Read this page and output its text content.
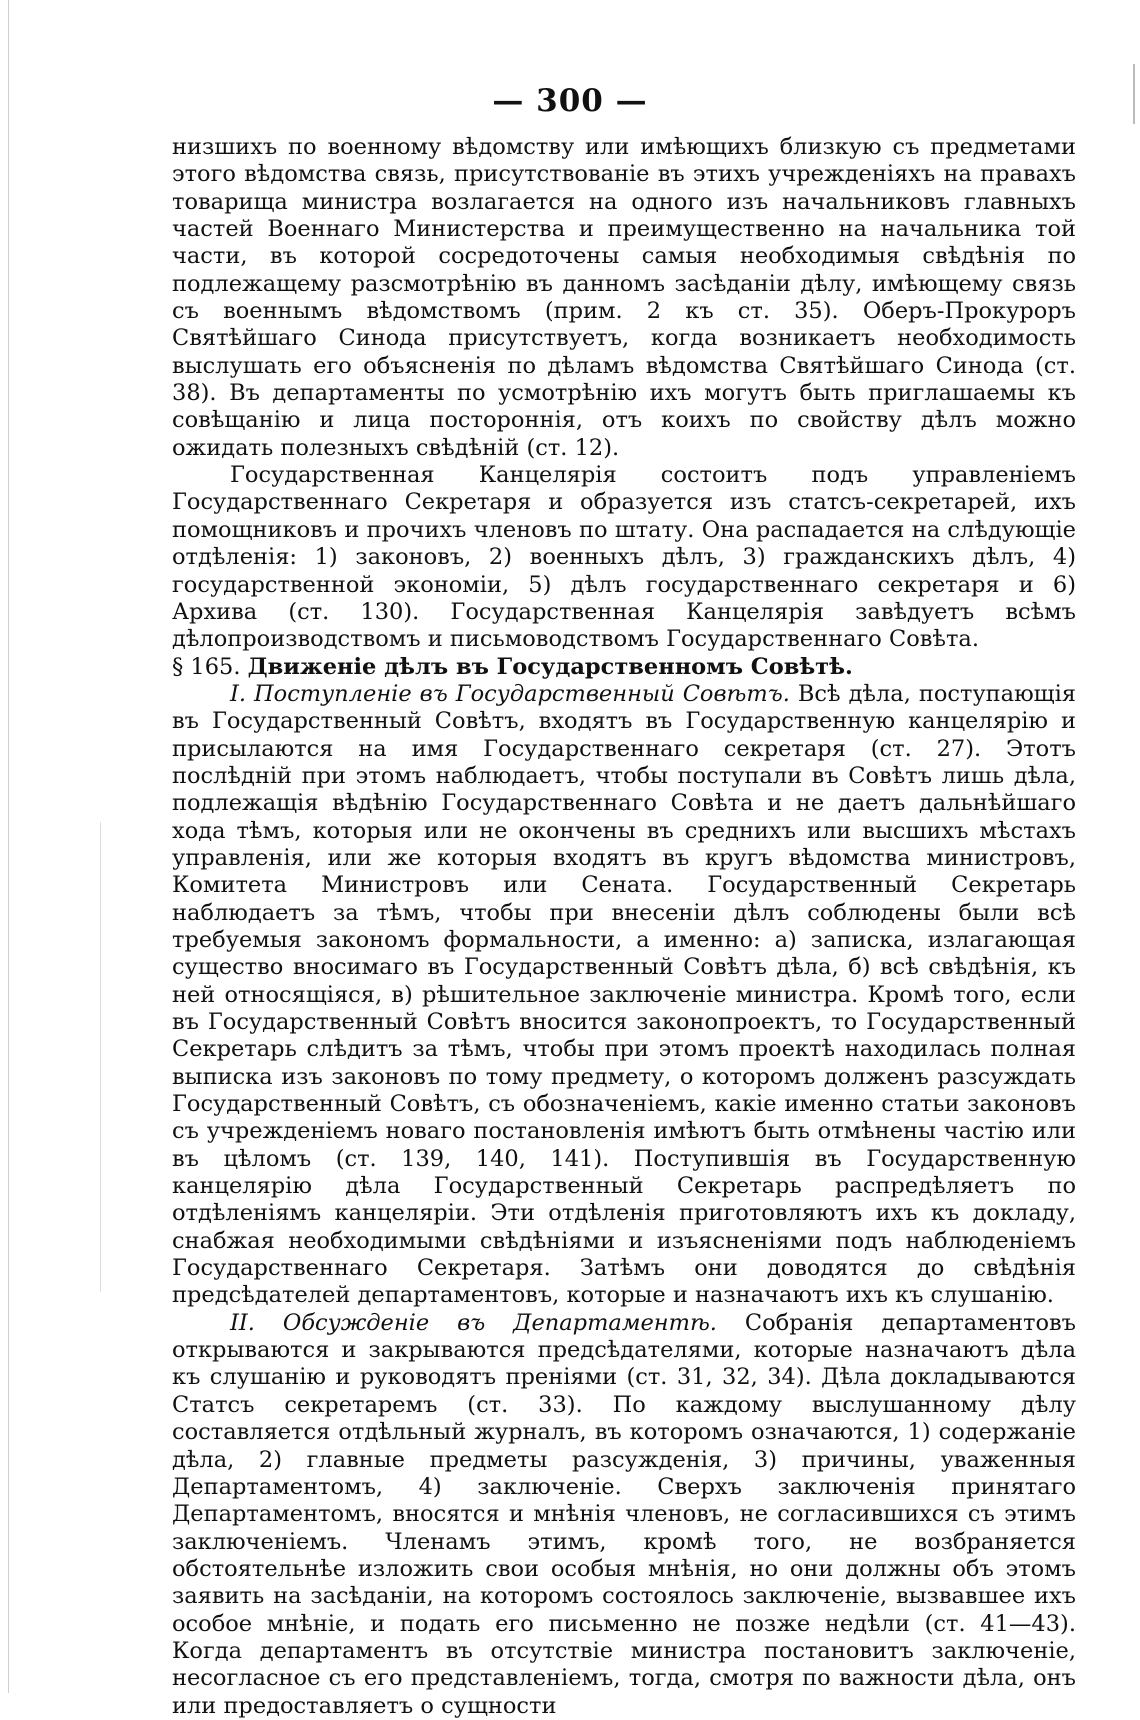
— 300 —

низшихъ по военному вѣдомству или имѣющихъ близкую съ предметами этого вѣдомства связь, присутствованіе въ этихъ учрежденіяхъ на правахъ товарища министра возлагается на одного изъ начальниковъ главныхъ частей Военнаго Министерства и преимущественно на начальника той части, въ которой сосредоточены самыя необходимыя свѣдѣнія по подлежащему разсмотрѣнію въ данномъ засѣданіи дѣлу, имѣющему связь съ военнымъ вѣдомствомъ (прим. 2 къ ст. 35). Оберъ-Прокуроръ Святѣйшаго Синода присутствуетъ, когда возникаетъ необходимость выслушать его объясненія по дѣламъ вѣдомства Святѣйшаго Синода (ст. 38). Въ департаменты по усмотрѣнію ихъ могутъ быть приглашаемы къ совѣщанію и лица постороннія, отъ коихъ по свойству дѣлъ можно ожидать полезныхъ свѣдѣній (ст. 12).

Государственная Канцелярія состоитъ подъ управленіемъ Государственнаго Секретаря и образуется изъ статсъ-секретарей, ихъ помощниковъ и прочихъ членовъ по штату. Она распадается на слѣдующіе отдѣленія: 1) законовъ, 2) военныхъ дѣлъ, 3) гражданскихъ дѣлъ, 4) государственной экономіи, 5) дѣлъ государственнаго секретаря и 6) Архива (ст. 130). Государственная Канцелярія завѣдуетъ всѣмъ дѣлопроизводствомъ и письмоводствомъ Государственнаго Совѣта.

§ 165. Движеніе дѣлъ въ Государственномъ Совѣтѣ.

I. Поступленіе въ Государственный Совѣтъ. Всѣ дѣла, поступающія въ Государственный Совѣтъ, входятъ въ Государственную канцелярію и присылаются на имя Государственнаго секретаря (ст. 27). Этотъ послѣдній при этомъ наблюдаетъ, чтобы поступали въ Совѣтъ лишь дѣла, подлежащія вѣдѣнію Государственнаго Совѣта и не даетъ дальнѣйшаго хода тѣмъ, которыя или не окончены въ среднихъ или высшихъ мѣстахъ управленія, или же которыя входятъ въ кругъ вѣдомства министровъ, Комитета Министровъ или Сената. Государственный Секретарь наблюдаетъ за тѣмъ, чтобы при внесеніи дѣлъ соблюдены были всѣ требуемыя закономъ формальности, а именно: а) записка, излагающая существо вносимаго въ Государственный Совѣтъ дѣла, б) всѣ свѣдѣнія, къ ней относящіяся, в) рѣшительное заключеніе министра. Кромѣ того, если въ Государственный Совѣтъ вносится законопроектъ, то Государственный Секретарь слѣдитъ за тѣмъ, чтобы при этомъ проектѣ находилась полная выписка изъ законовъ по тому предмету, о которомъ долженъ разсуждать Государственный Совѣтъ, съ обозначеніемъ, какіе именно статьи законовъ съ учрежденіемъ новаго постановленія имѣютъ быть отмѣнены частію или въ цѣломъ (ст. 139, 140, 141). Поступившія въ Государственную канцелярію дѣла Государственный Секретарь распредѣляетъ по отдѣленіямъ канцеляріи. Эти отдѣленія приготовляютъ ихъ къ докладу, снабжая необходимыми свѣдѣніями и изъясненіями подъ наблюденіемъ Государственнаго Секретаря. Затѣмъ они доводятся до свѣдѣнія предсѣдателей департаментовъ, которые и назначаютъ ихъ къ слушанію.

II. Обсужденіе въ Департаментѣ. Собранія департаментовъ открываются и закрываются предсѣдателями, которые назначаютъ дѣла къ слушанію и руководятъ преніями (ст. 31, 32, 34). Дѣла докладываются Статсъ секретаремъ (ст. 33). По каждому выслушанному дѣлу составляется отдѣльный журналъ, въ которомъ означаются, 1) содержаніе дѣла, 2) главные предметы разсужденія, 3) причины, уваженныя Департаментомъ, 4) заключеніе. Сверхъ заключенія принятаго Департаментомъ, вносятся и мнѣнія членовъ, не согласившихся съ этимъ заключеніемъ. Членамъ этимъ, кромѣ того, не возбраняется обстоятельнѣе изложить свои особыя мнѣнія, но они должны объ этомъ заявить на засѣданіи, на которомъ состоялось заключеніе, вызвавшее ихъ особое мнѣніе, и подать его письменно не позже недѣли (ст. 41—43). Когда департаментъ въ отсутствіе министра постановитъ заключеніе, несогласное съ его представленіемъ, тогда, смотря по важности дѣла, онъ или предоставляетъ о сущности
